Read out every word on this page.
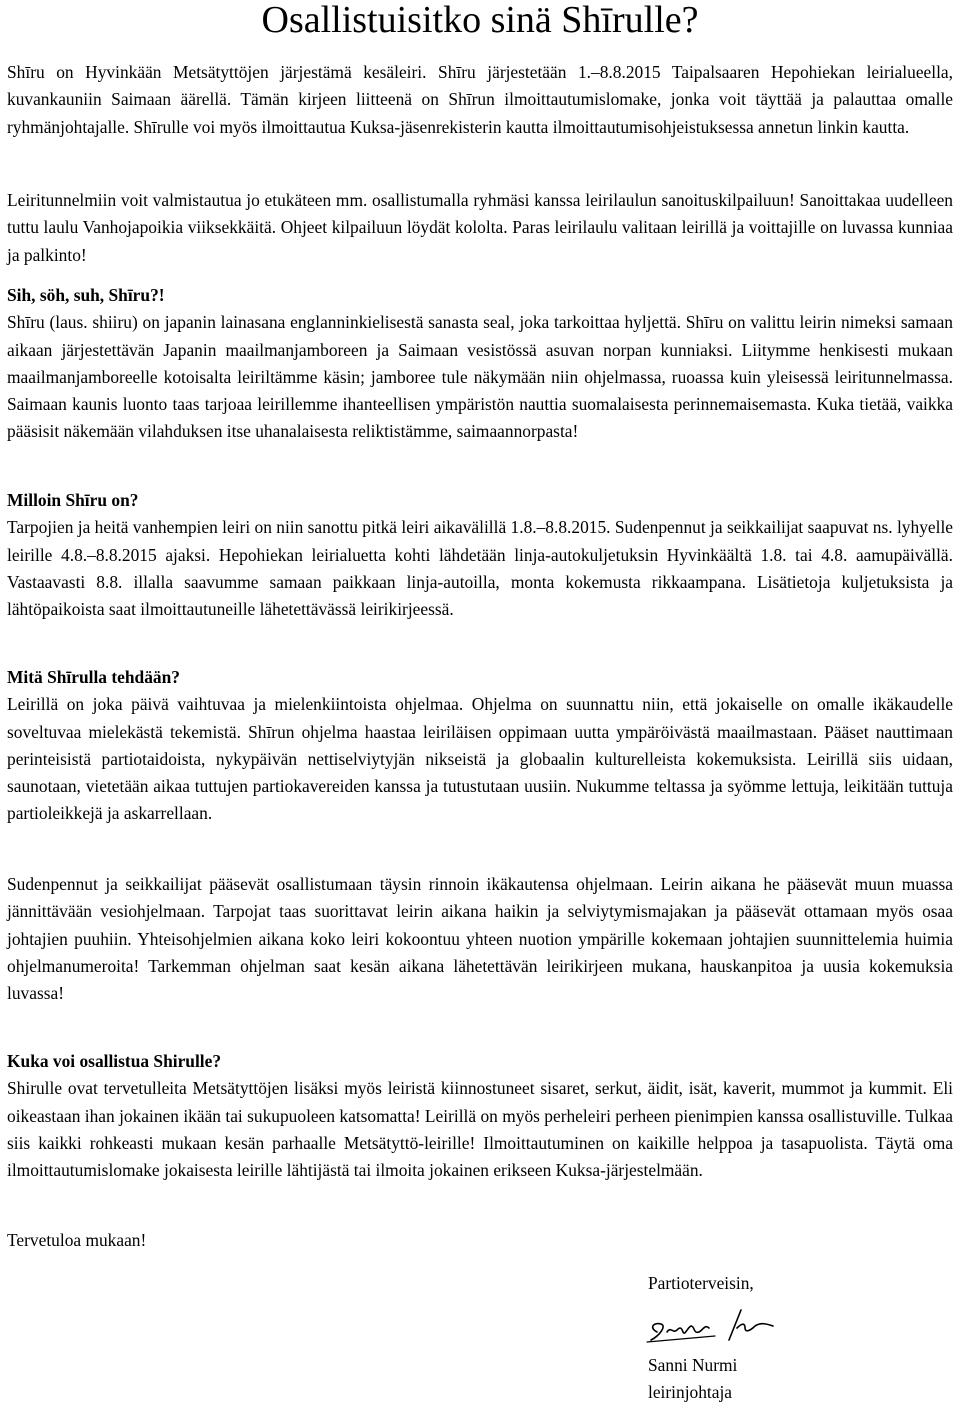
Osallistuisitko sinä Shīrulle?
Shīru on Hyvinkään Metsätyttöjen järjestämä kesäleiri. Shīru järjestetään 1.–8.8.2015 Taipalsaaren Hepohiekan leirialueella, kuvankauniin Saimaan äärellä. Tämän kirjeen liitteenä on Shīrun ilmoittautumislomake, jonka voit täyttää ja palauttaa omalle ryhmänjohtajalle. Shīrulle voi myös ilmoittautua Kuksa-jäsenrekisterin kautta ilmoittautumisohjeistuksessa annetun linkin kautta.
Leiritunnelmiin voit valmistautua jo etukäteen mm. osallistumalla ryhmäsi kanssa leirilaulun sanoituskilpailuun! Sanoittakaa uudelleen tuttu laulu Vanhojapoikia viiksekkäitä. Ohjeet kilpailuun löydät kololta. Paras leirilaulu valitaan leirillä ja voittajille on luvassa kunniaa ja palkinto!
Sih, söh, suh, Shīru?!
Shīru (laus. shiiru) on japanin lainasana englanninkielisestä sanasta seal, joka tarkoittaa hyljettä. Shīru on valittu leirin nimeksi samaan aikaan järjestettävän Japanin maailmanjamboreen ja Saimaan vesistössä asuvan norpan kunniaksi. Liitymme henkisesti mukaan maailmanjamboreelle kotoisalta leiriltämme käsin; jamboree tule näkymään niin ohjelmassa, ruoassa kuin yleisessä leiritunnelmassa. Saimaan kaunis luonto taas tarjoaa leirillemme ihanteellisen ympäristön nauttia suomalaisesta perinnemaisemasta. Kuka tietää, vaikka pääsisit näkemään vilahduksen itse uhanalaisesta reliktistämme, saimaannorpasta!
Milloin Shīru on?
Tarpojien ja heitä vanhempien leiri on niin sanottu pitkä leiri aikavälillä 1.8.–8.8.2015. Sudenpennut ja seikkailijat saapuvat ns. lyhyelle leirille 4.8.–8.8.2015 ajaksi. Hepohiekan leirialuetta kohti lähdetään linja-autokuljetuksin Hyvinkäältä 1.8. tai 4.8. aamupäivällä. Vastaavasti 8.8. illalla saavumme samaan paikkaan linja-autoilla, monta kokemusta rikkaampana. Lisätietoja kuljetuksista ja lähtöpaikoista saat ilmoittautuneille lähetettävässä leirikirjeessä.
Mitä Shīrulla tehdään?
Leirillä on joka päivä vaihtuvaa ja mielenkiintoista ohjelmaa. Ohjelma on suunnattu niin, että jokaiselle on omalle ikäkaudelle soveltuvaa mielekästä tekemistä. Shīrun ohjelma haastaa leiriläisen oppimaan uutta ympäröivästä maailmastaan. Pääset nauttimaan perinteisistä partiotaidoista, nykypäivän nettiselviytyjän nikseistä ja globaalin kulturelleista kokemuksista. Leirillä siis uidaan, saunotaan, vietetään aikaa tuttujen partiokavereiden kanssa ja tutustutaan uusiin. Nukumme teltassa ja syömme lettuja, leikitään tuttuja partioleikkejä ja askarrellaan.
Sudenpennut ja seikkailijat pääsevät osallistumaan täysin rinnoin ikäkautensa ohjelmaan. Leirin aikana he pääsevät muun muassa jännittävään vesiohjelmaan. Tarpojat taas suorittavat leirin aikana haikin ja selviytymismajakan ja pääsevät ottamaan myös osaa johtajien puuhiin. Yhteisohjelmien aikana koko leiri kokoontuu yhteen nuotion ympärille kokemaan johtajien suunnittelemia huimia ohjelmanumeroita! Tarkemman ohjelman saat kesän aikana lähetettävän leirikirjeen mukana, hauskanpitoa ja uusia kokemuksia luvassa!
Kuka voi osallistua Shirulle?
Shirulle ovat tervetulleita Metsätyttöjen lisäksi myös leiristä kiinnostuneet sisaret, serkut, äidit, isät, kaverit, mummot ja kummit. Eli oikeastaan ihan jokainen ikään tai sukupuoleen katsomatta! Leirillä on myös perheleiri perheen pienimpien kanssa osallistuville. Tulkaa siis kaikki rohkeasti mukaan kesän parhaalle Metsätyttö-leirille! Ilmoittautuminen on kaikille helppoa ja tasapuolista. Täytä oma ilmoittautumislomake jokaisesta leirille lähtijästä tai ilmoita jokainen erikseen Kuksa-järjestelmään.
Tervetuloa mukaan!
Partioterveisin,
Sanni Nurmi
leirinjohtaja
